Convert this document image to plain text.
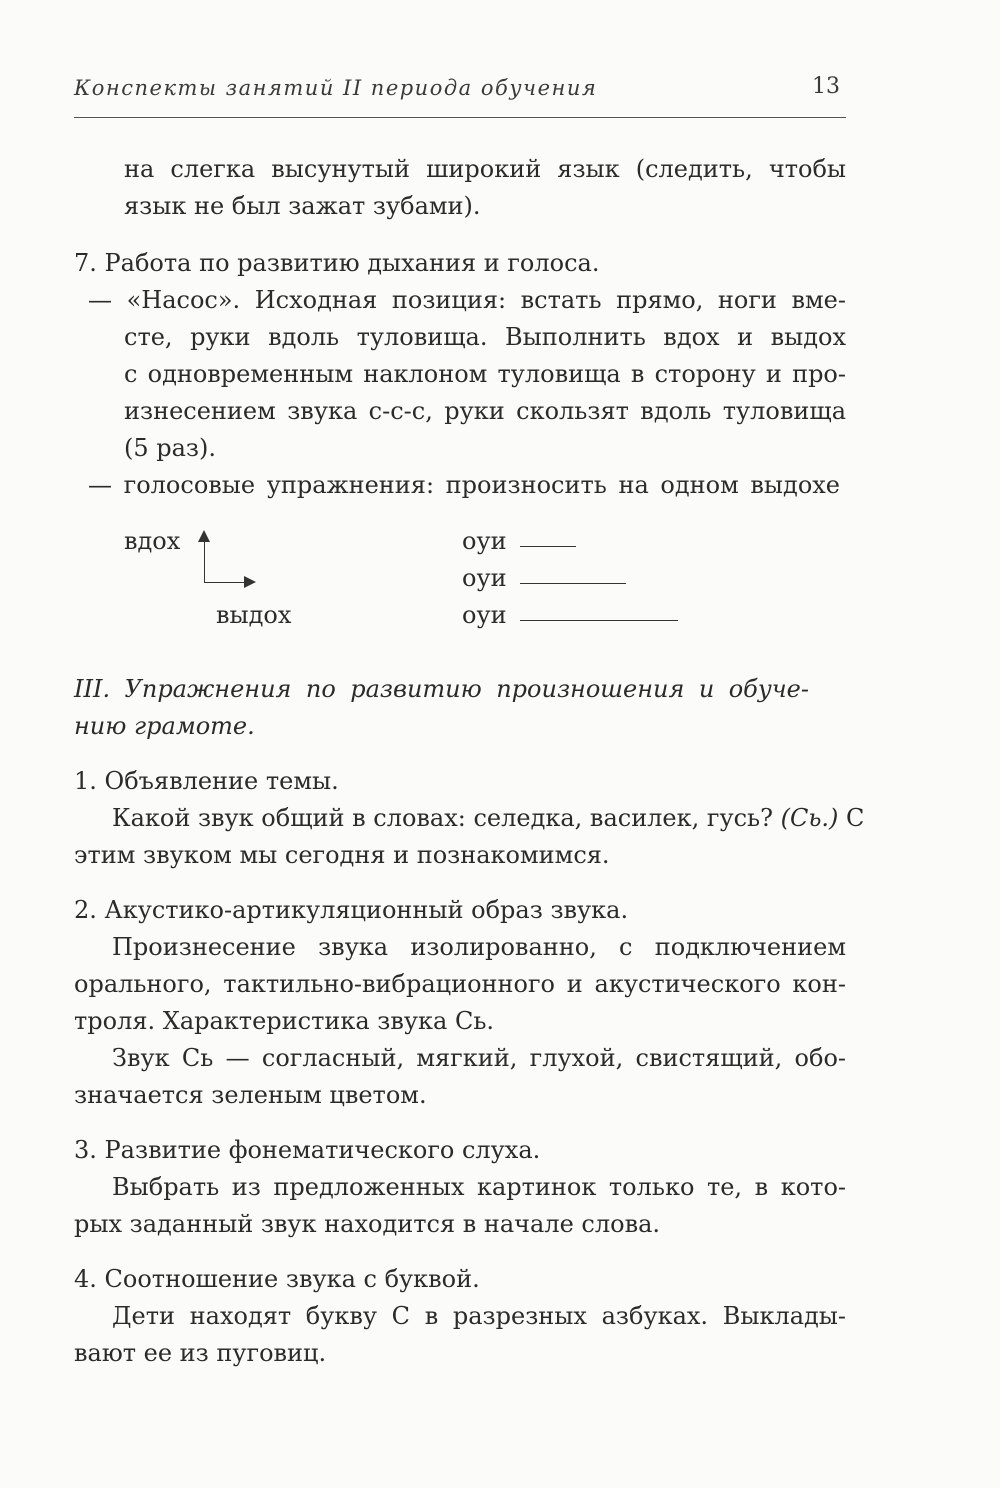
Конспекты занятий II периода обучения	13
на слегка высунутый широкий язык (следить, чтобы
язык не был зажат зубами).
7. Работа по развитию дыхания и голоса.
— «Насос». Исходная позиция: встать прямо, ноги вме-
сте, руки вдоль туловища. Выполнить вдох и выдох
с одновременным наклоном туловища в сторону и про-
изнесением звука с-с-с, руки скользят вдоль туловища
(5 раз).
— голосовые упражнения: произносить на одном выдохе
вдох
выдох
оуи
оуи
оуи
III. Упражнения по развитию произношения и обуче-
нию грамоте.
1. Объявление темы.
Какой звук общий в словах: селедка, василек, гусь? (Сь.) С
этим звуком мы сегодня и познакомимся.
2. Акустико-артикуляционный образ звука.
Произнесение звука изолированно, с подключением
орального, тактильно-вибрационного и акустического кон-
троля. Характеристика звука Сь.
Звук Сь — согласный, мягкий, глухой, свистящий, обо-
значается зеленым цветом.
3. Развитие фонематического слуха.
Выбрать из предложенных картинок только те, в кото-
рых заданный звук находится в начале слова.
4. Соотношение звука с буквой.
Дети находят букву С в разрезных азбуках. Выклады-
вают ее из пуговиц.
